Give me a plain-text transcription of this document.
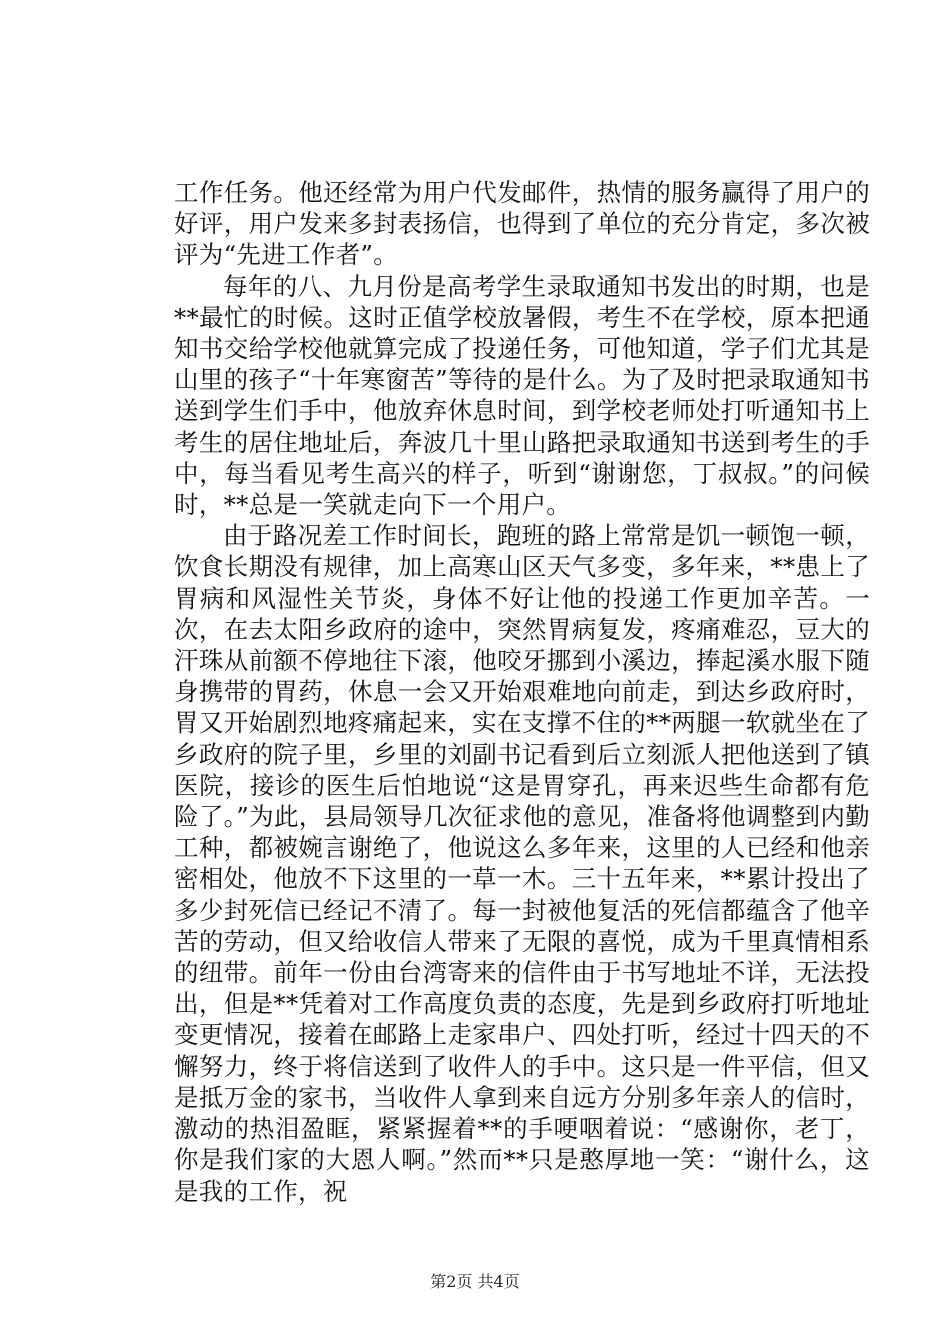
工作任务。他还经常为用户代发邮件，热情的服务赢得了用户的好评，用户发来多封表扬信，也得到了单位的充分肯定，多次被评为“先进工作者”。

每年的八、九月份是高考学生录取通知书发出的时期，也是**最忙的时候。这时正值学校放暑假，考生不在学校，原本把通知书交给学校他就算完成了投递任务，可他知道，学子们尤其是山里的孩子“十年寒窗苦”等待的是什么。为了及时把录取通知书送到学生们手中，他放弃休息时间，到学校老师处打听通知书上考生的居住地址后，奔波几十里山路把录取通知书送到考生的手中，每当看见考生高兴的样子，听到“谢谢您，丁叔叔。”的问候时，**总是一笑就走向下一个用户。

由于路况差工作时间长，跑班的路上常常是饥一顿饱一顿，饮食长期没有规律，加上高寒山区天气多变，多年来，**患上了胃病和风湿性关节炎，身体不好让他的投递工作更加辛苦。一次，在去太阳乡政府的途中，突然胃病复发，疼痛难忍，豆大的汗珠从前额不停地往下滚，他咬牙挪到小溪边，捧起溪水服下随身携带的胃药，休息一会又开始艰难地向前走，到达乡政府时，胃又开始剧烈地疼痛起来，实在支撑不住的**两腿一软就坐在了乡政府的院子里，乡里的刘副书记看到后立刻派人把他送到了镇医院，接诊的医生后怕地说“这是胃穿孔，再来迟些生命都有危险了。”为此，县局领导几次征求他的意见，准备将他调整到内勤工种，都被婉言谢绝了，他说这么多年来，这里的人已经和他亲密相处，他放不下这里的一草一木。三十五年来，**累计投出了多少封死信已经记不清了。每一封被他复活的死信都蕴含了他辛苦的劳动，但又给收信人带来了无限的喜悦，成为千里真情相系的纽带。前年一份由台湾寄来的信件由于书写地址不详，无法投出，但是**凭着对工作高度负责的态度，先是到乡政府打听地址变更情况，接着在邮路上走家串户、四处打听，经过十四天的不懈努力，终于将信送到了收件人的手中。这只是一件平信，但又是抵万金的家书，当收件人拿到来自远方分别多年亲人的信时，激动的热泪盈眶，紧紧握着**的手哽咽着说：“感谢你，老丁，你是我们家的大恩人啊。”然而**只是憨厚地一笑：“谢什么，这是我的工作，祝

第2页 共4页
